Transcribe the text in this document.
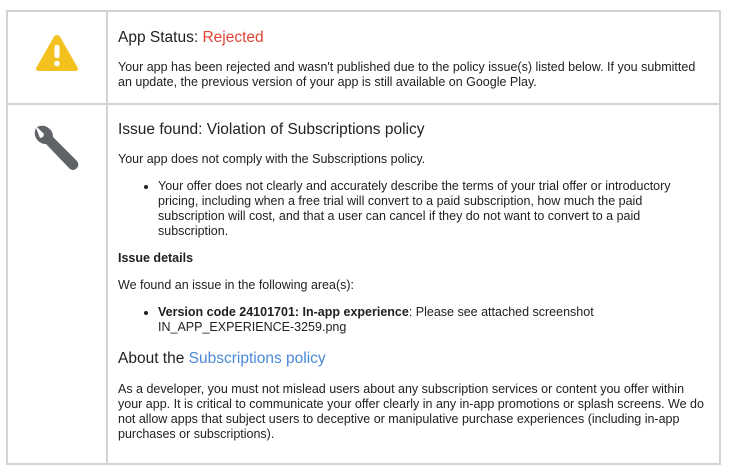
App Status: Rejected

Your app has been rejected and wasn't published due to the policy issue(s) listed below. If you submitted an update, the previous version of your app is still available on Google Play.

Issue found: Violation of Subscriptions policy

Your app does not comply with the Subscriptions policy.

• Your offer does not clearly and accurately describe the terms of your trial offer or introductory pricing, including when a free trial will convert to a paid subscription, how much the paid subscription will cost, and that a user can cancel if they do not want to convert to a paid subscription.

Issue details

We found an issue in the following area(s):

• Version code 24101701: In-app experience: Please see attached screenshot IN_APP_EXPERIENCE-3259.png

About the Subscriptions policy

As a developer, you must not mislead users about any subscription services or content you offer within your app. It is critical to communicate your offer clearly in any in-app promotions or splash screens. We do not allow apps that subject users to deceptive or manipulative purchase experiences (including in-app purchases or subscriptions).
